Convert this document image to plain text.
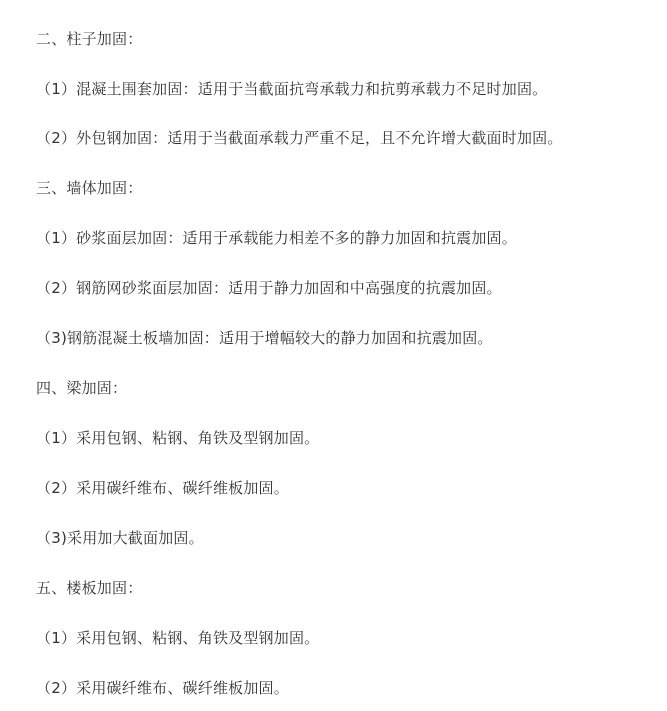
二、柱子加固：
（1）混凝土围套加固：适用于当截面抗弯承载力和抗剪承载力不足时加固。
（2）外包钢加固：适用于当截面承载力严重不足，且不允许增大截面时加固。
三、墙体加固：
（1）砂浆面层加固：适用于承载能力相差不多的静力加固和抗震加固。
（2）钢筋网砂浆面层加固：适用于静力加固和中高强度的抗震加固。
（3)钢筋混凝土板墙加固：适用于增幅较大的静力加固和抗震加固。
四、梁加固：
（1）采用包钢、粘钢、角铁及型钢加固。
（2）采用碳纤维布、碳纤维板加固。
（3)采用加大截面加固。
五、楼板加固：
（1）采用包钢、粘钢、角铁及型钢加固。
（2）采用碳纤维布、碳纤维板加固。
